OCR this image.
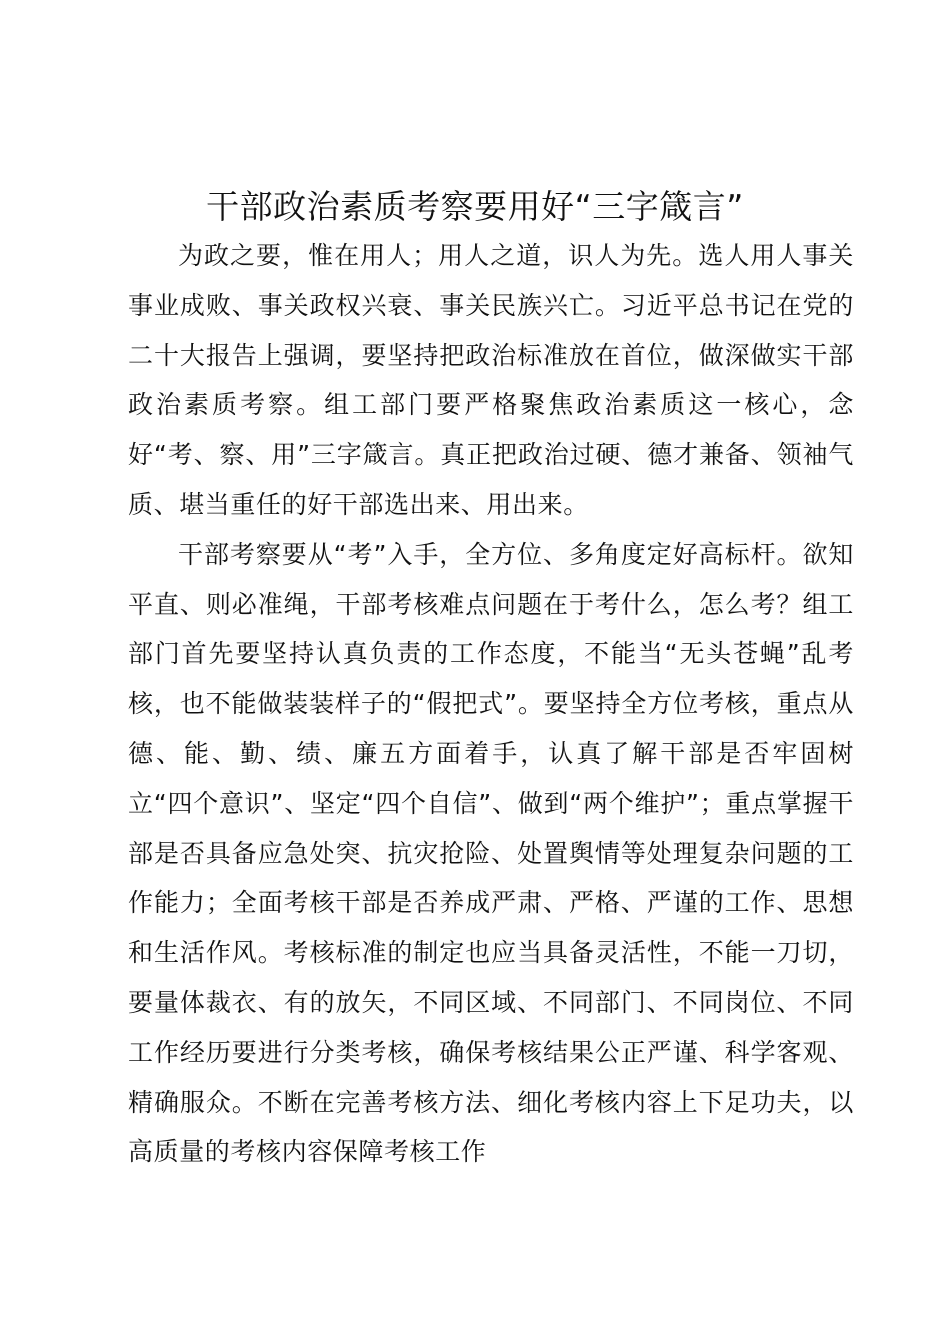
干部政治素质考察要用好“三字箴言”

为政之要，惟在用人；用人之道，识人为先。选人用人事关事业成败、事关政权兴衰、事关民族兴亡。习近平总书记在党的二十大报告上强调，要坚持把政治标准放在首位，做深做实干部政治素质考察。组工部门要严格聚焦政治素质这一核心，念好“考、察、用”三字箴言。真正把政治过硬、德才兼备、领袖气质、堪当重任的好干部选出来、用出来。

干部考察要从“考”入手，全方位、多角度定好高标杆。欲知平直、则必准绳，干部考核难点问题在于考什么，怎么考？组工部门首先要坚持认真负责的工作态度，不能当“无头苍蝇”乱考核，也不能做装装样子的“假把式”。要坚持全方位考核，重点从德、能、勤、绩、廉五方面着手，认真了解干部是否牢固树立“四个意识”、坚定“四个自信”、做到“两个维护”；重点掌握干部是否具备应急处突、抗灾抢险、处置舆情等处理复杂问题的工作能力；全面考核干部是否养成严肃、严格、严谨的工作、思想和生活作风。考核标准的制定也应当具备灵活性，不能一刀切，要量体裁衣、有的放矢，不同区域、不同部门、不同岗位、不同工作经历要进行分类考核，确保考核结果公正严谨、科学客观、精确服众。不断在完善考核方法、细化考核内容上下足功夫，以高质量的考核内容保障考核工作
